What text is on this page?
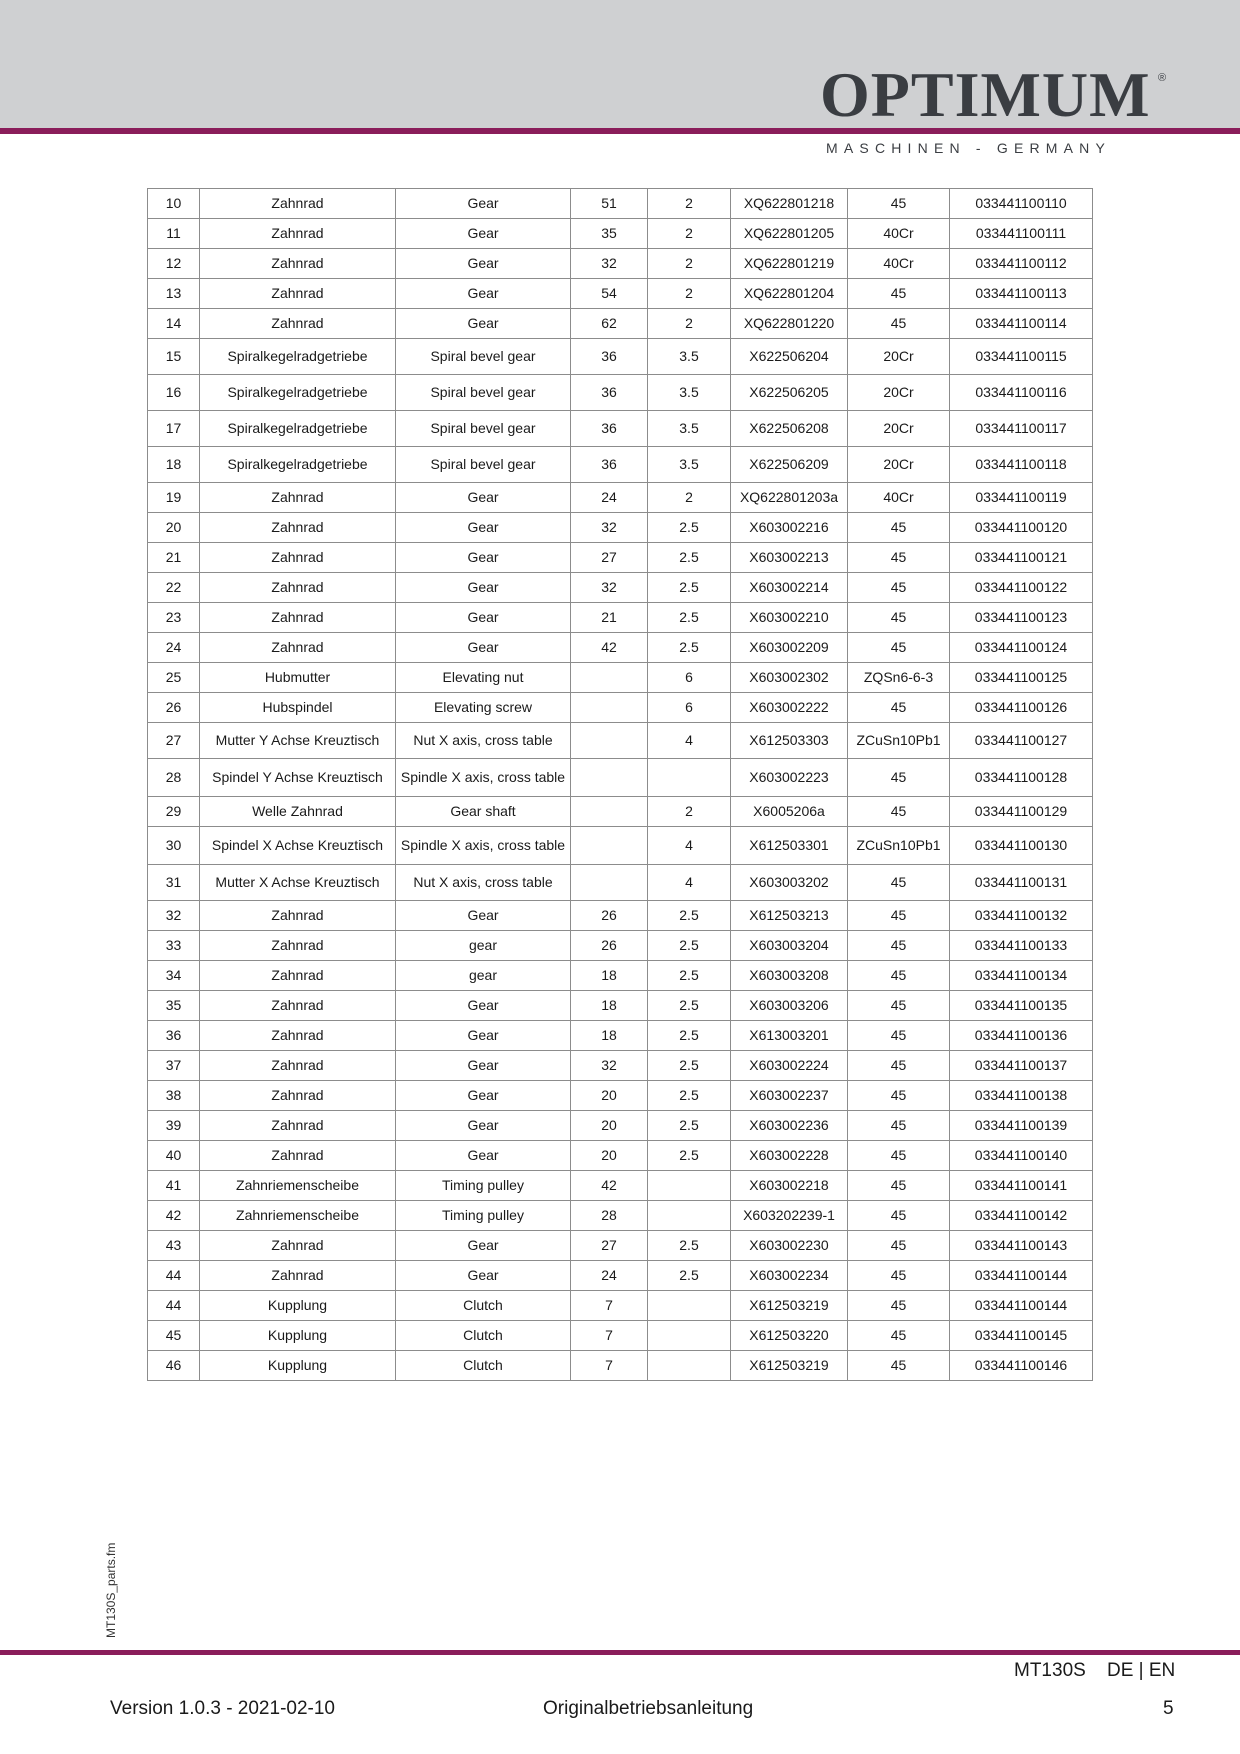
OPTIMUM ®
MASCHINEN - GERMANY
10	Zahnrad	Gear	51	2	XQ622801218	45	033441100110
11	Zahnrad	Gear	35	2	XQ622801205	40Cr	033441100111
12	Zahnrad	Gear	32	2	XQ622801219	40Cr	033441100112
13	Zahnrad	Gear	54	2	XQ622801204	45	033441100113
14	Zahnrad	Gear	62	2	XQ622801220	45	033441100114
15	Spiralkegelradgetriebe	Spiral bevel gear	36	3.5	X622506204	20Cr	033441100115
16	Spiralkegelradgetriebe	Spiral bevel gear	36	3.5	X622506205	20Cr	033441100116
17	Spiralkegelradgetriebe	Spiral bevel gear	36	3.5	X622506208	20Cr	033441100117
18	Spiralkegelradgetriebe	Spiral bevel gear	36	3.5	X622506209	20Cr	033441100118
19	Zahnrad	Gear	24	2	XQ622801203a	40Cr	033441100119
20	Zahnrad	Gear	32	2.5	X603002216	45	033441100120
21	Zahnrad	Gear	27	2.5	X603002213	45	033441100121
22	Zahnrad	Gear	32	2.5	X603002214	45	033441100122
23	Zahnrad	Gear	21	2.5	X603002210	45	033441100123
24	Zahnrad	Gear	42	2.5	X603002209	45	033441100124
25	Hubmutter	Elevating nut		6	X603002302	ZQSn6-6-3	033441100125
26	Hubspindel	Elevating screw		6	X603002222	45	033441100126
27	Mutter Y Achse Kreuztisch	Nut X axis, cross table		4	X612503303	ZCuSn10Pb1	033441100127
28	Spindel Y Achse Kreuztisch	Spindle X axis, cross table			X603002223	45	033441100128
29	Welle Zahnrad	Gear shaft		2	X6005206a	45	033441100129
30	Spindel X Achse Kreuztisch	Spindle X axis, cross table		4	X612503301	ZCuSn10Pb1	033441100130
31	Mutter X Achse Kreuztisch	Nut X axis, cross table		4	X603003202	45	033441100131
32	Zahnrad	Gear	26	2.5	X612503213	45	033441100132
33	Zahnrad	gear	26	2.5	X603003204	45	033441100133
34	Zahnrad	gear	18	2.5	X603003208	45	033441100134
35	Zahnrad	Gear	18	2.5	X603003206	45	033441100135
36	Zahnrad	Gear	18	2.5	X613003201	45	033441100136
37	Zahnrad	Gear	32	2.5	X603002224	45	033441100137
38	Zahnrad	Gear	20	2.5	X603002237	45	033441100138
39	Zahnrad	Gear	20	2.5	X603002236	45	033441100139
40	Zahnrad	Gear	20	2.5	X603002228	45	033441100140
41	Zahnriemenscheibe	Timing pulley	42		X603002218	45	033441100141
42	Zahnriemenscheibe	Timing pulley	28		X603202239-1	45	033441100142
43	Zahnrad	Gear	27	2.5	X603002230	45	033441100143
44	Zahnrad	Gear	24	2.5	X603002234	45	033441100144
44	Kupplung	Clutch	7		X612503219	45	033441100144
45	Kupplung	Clutch	7		X612503220	45	033441100145
46	Kupplung	Clutch	7		X612503219	45	033441100146
MT130S_parts.fm
MT130S DE | EN
Version 1.0.3 - 2021-02-10	Originalbetriebsanleitung	5
